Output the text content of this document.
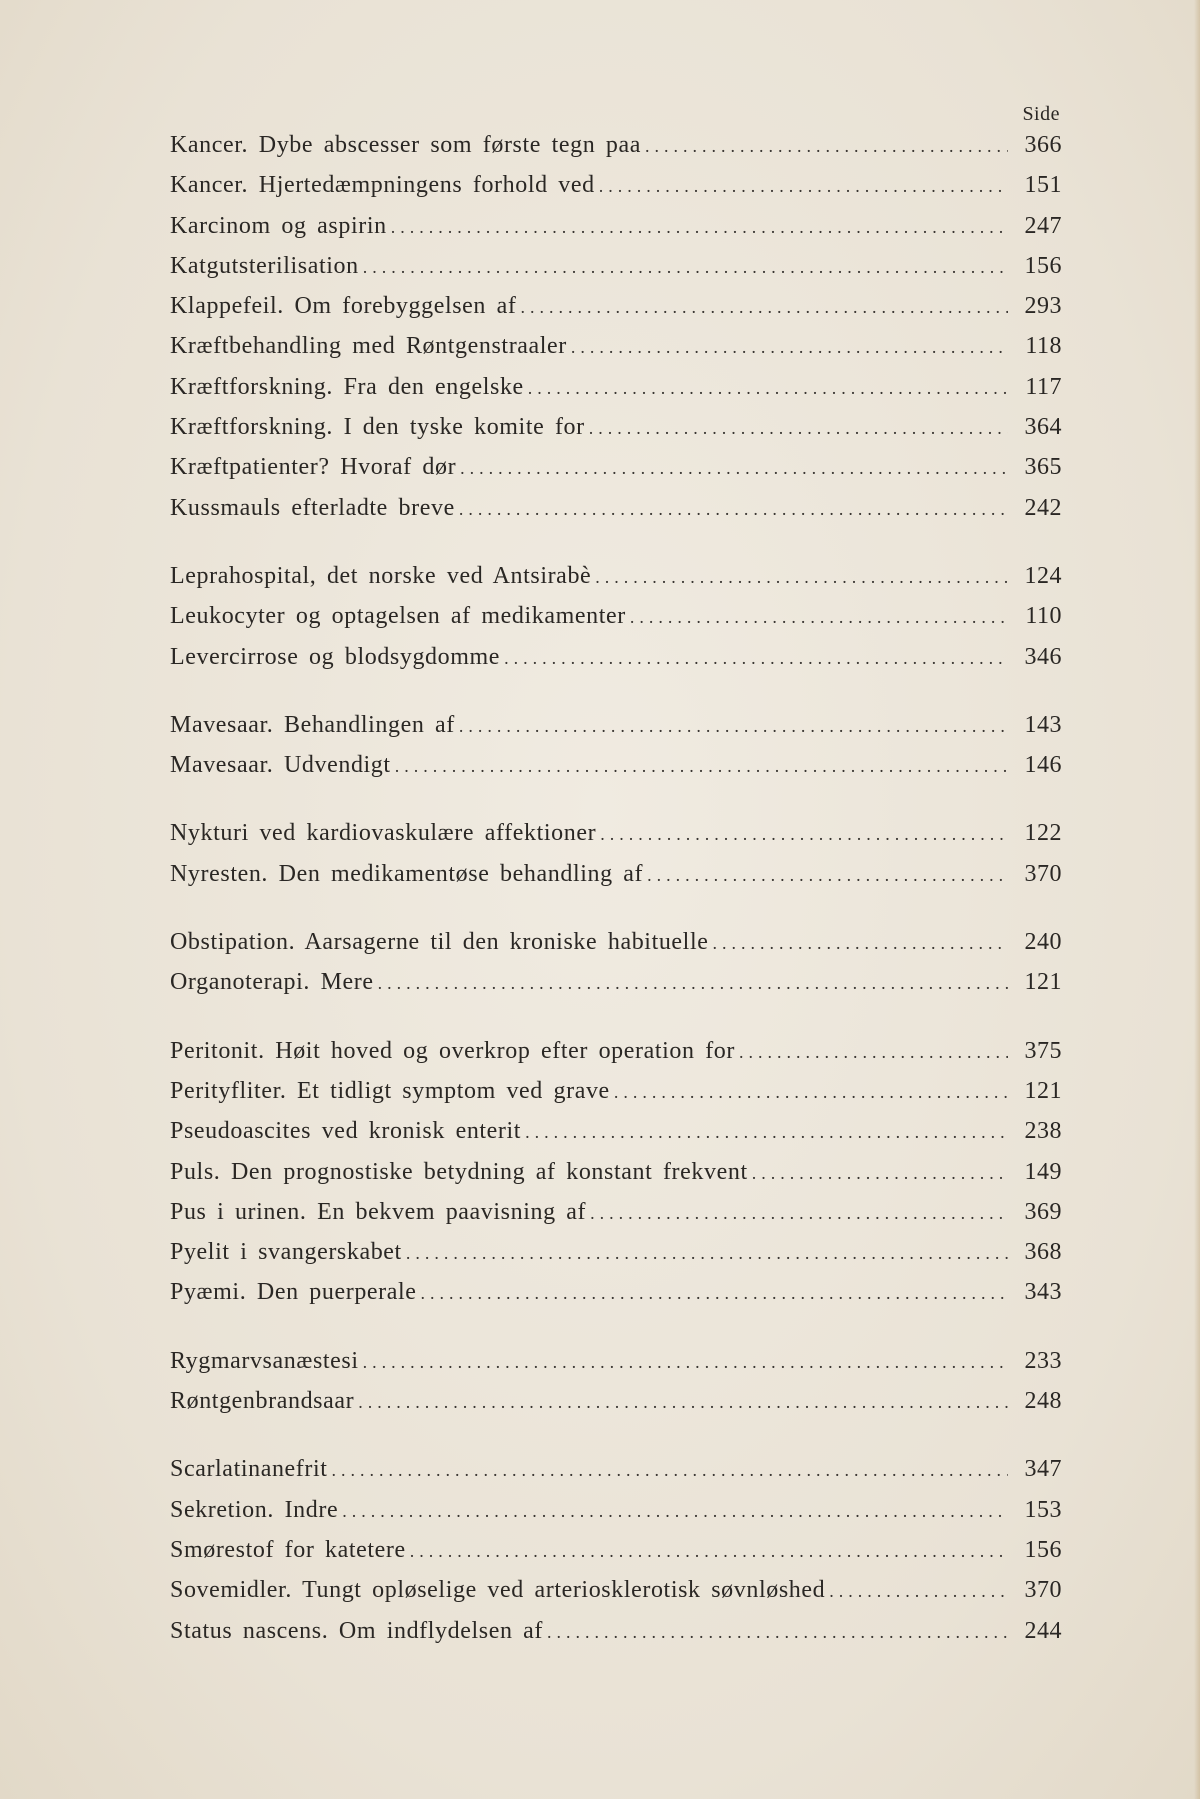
Side
Kancer. Dybe abscesser som første tegn paa .....	366
Kancer. Hjertedæmpningens forhold ved .....	151
Karcinom og aspirin .....	247
Katgutsterilisation .....	156
Klappefeil. Om forebyggelsen af .....	293
Kræftbehandling med Røntgenstraaler .....	118
Kræftforskning. Fra den engelske .....	117
Kræftforskning. I den tyske komite for .....	364
Kræftpatienter? Hvoraf dør .....	365
Kussmauls efterladte breve .....	242
Leprahospital, det norske ved Antsirabè .....	124
Leukocyter og optagelsen af medikamenter .....	110
Levercirrose og blodsygdomme .....	346
Mavesaar. Behandlingen af .....	143
Mavesaar. Udvendigt .....	146
Nykturi ved kardiovaskulære affektioner .....	122
Nyresten. Den medikamentøse behandling af .....	370
Obstipation. Aarsagerne til den kroniske habituelle .....	240
Organoterapi. Mere .....	121
Peritonit. Høit hoved og overkrop efter operation for .....	375
Perityfliter. Et tidligt symptom ved grave .....	121
Pseudoascites ved kronisk enterit .....	238
Puls. Den prognostiske betydning af konstant frekvent .....	149
Pus i urinen. En bekvem paavisning af .....	369
Pyelit i svangerskabet .....	368
Pyæmi. Den puerperale .....	343
Rygmarvsanæstesi .....	233
Røntgenbrandsaar .....	248
Scarlatinanefrit .....	347
Sekretion. Indre .....	153
Smørestof for katetere .....	156
Sovemidler. Tungt opløselige ved arteriosklerotisk søvnløshed .....	370
Status nascens. Om indflydelsen af .....	244
